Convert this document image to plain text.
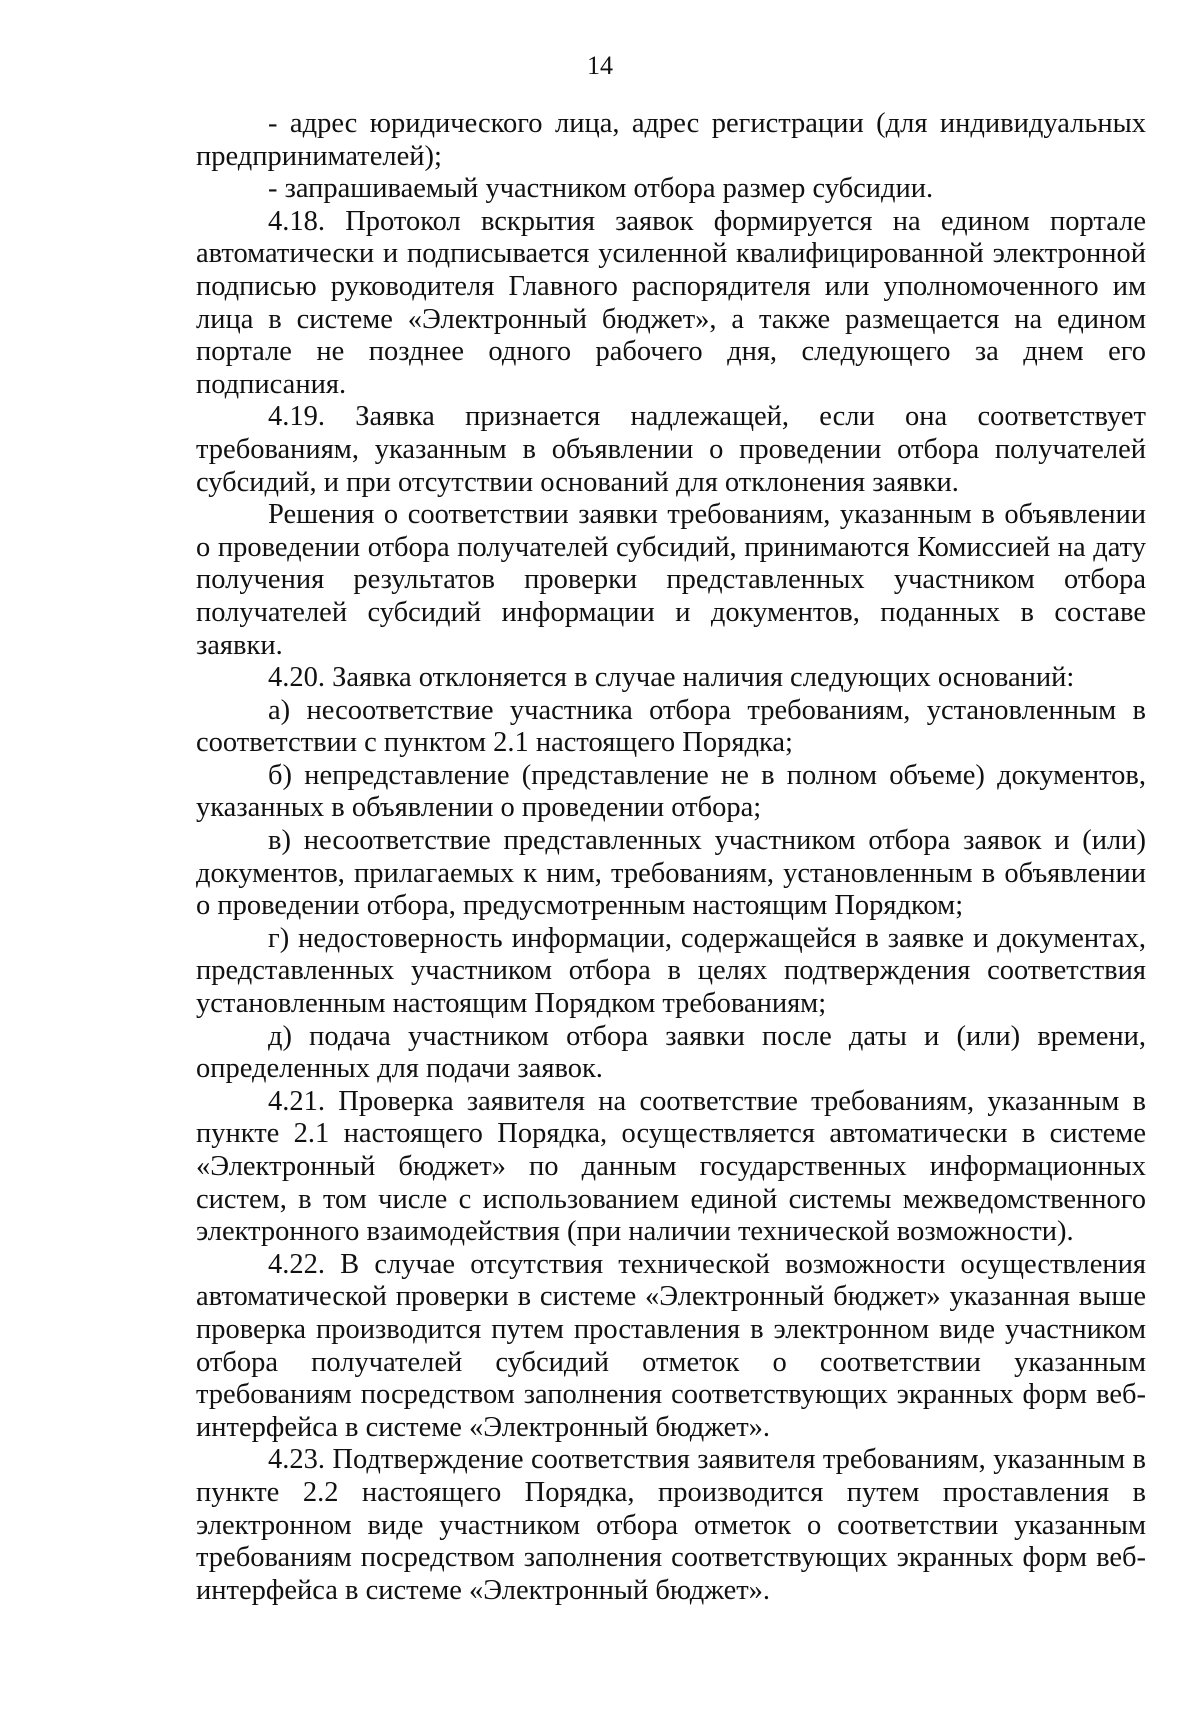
14

- адрес юридического лица, адрес регистрации (для индивидуальных предпринимателей);

- запрашиваемый участником отбора размер субсидии.

4.18. Протокол вскрытия заявок формируется на едином портале автоматически и подписывается усиленной квалифицированной электронной подписью руководителя Главного распорядителя или уполномоченного им лица в системе «Электронный бюджет», а также размещается на едином портале не позднее одного рабочего дня, следующего за днем его подписания.

4.19. Заявка признается надлежащей, если она соответствует требованиям, указанным в объявлении о проведении отбора получателей субсидий, и при отсутствии оснований для отклонения заявки.

Решения о соответствии заявки требованиям, указанным в объявлении о проведении отбора получателей субсидий, принимаются Комиссией на дату получения результатов проверки представленных участником отбора получателей субсидий информации и документов, поданных в составе заявки.

4.20. Заявка отклоняется в случае наличия следующих оснований:

а) несоответствие участника отбора требованиям, установленным в соответствии с пунктом 2.1 настоящего Порядка;

б) непредставление (представление не в полном объеме) документов, указанных в объявлении о проведении отбора;

в) несоответствие представленных участником отбора заявок и (или) документов, прилагаемых к ним, требованиям, установленным в объявлении о проведении отбора, предусмотренным настоящим Порядком;

г) недостоверность информации, содержащейся в заявке и документах, представленных участником отбора в целях подтверждения соответствия установленным настоящим Порядком требованиям;

д) подача участником отбора заявки после даты и (или) времени, определенных для подачи заявок.

4.21. Проверка заявителя на соответствие требованиям, указанным в пункте 2.1 настоящего Порядка, осуществляется автоматически в системе «Электронный бюджет» по данным государственных информационных систем, в том числе с использованием единой системы межведомственного электронного взаимодействия (при наличии технической возможности).

4.22. В случае отсутствия технической возможности осуществления автоматической проверки в системе «Электронный бюджет» указанная выше проверка производится путем проставления в электронном виде участником отбора получателей субсидий отметок о соответствии указанным требованиям посредством заполнения соответствующих экранных форм веб-интерфейса в системе «Электронный бюджет».

4.23. Подтверждение соответствия заявителя требованиям, указанным в пункте 2.2 настоящего Порядка, производится путем проставления в электронном виде участником отбора отметок о соответствии указанным требованиям посредством заполнения соответствующих экранных форм веб-интерфейса в системе «Электронный бюджет».
